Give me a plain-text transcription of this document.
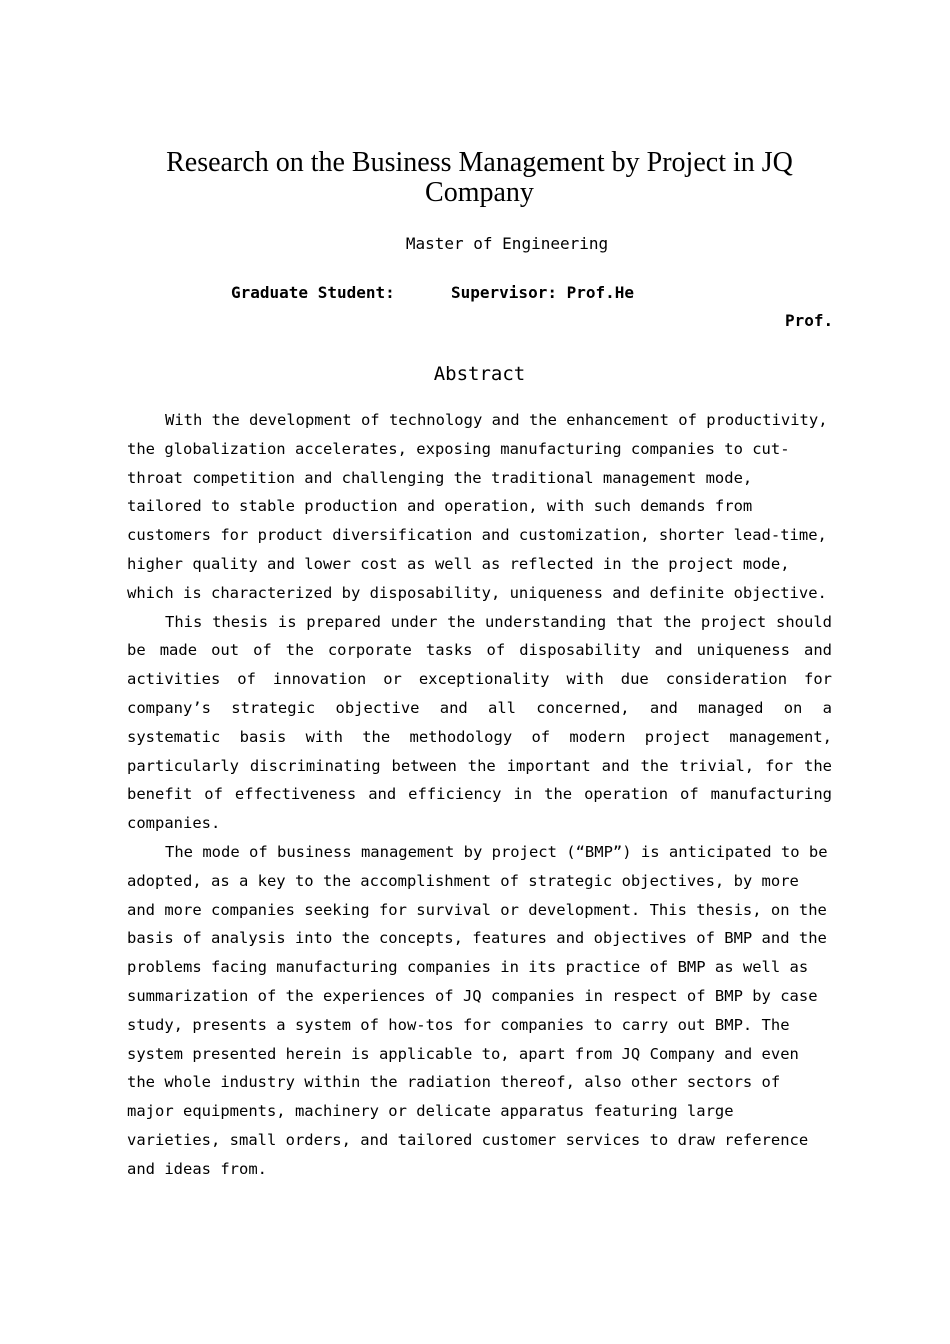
Research on the Business Management by Project in JQ Company
Master of Engineering
Graduate Student:	Supervisor: Prof.He
Prof.
Abstract

With the development of technology and the enhancement of productivity, the globalization accelerates, exposing manufacturing companies to cut-throat competition and challenging the traditional management mode, tailored to stable production and operation, with such demands from customers for product diversification and customization, shorter lead-time, higher quality and lower cost as well as reflected in the project mode, which is characterized by disposability, uniqueness and definite objective.

This thesis is prepared under the understanding that the project should be made out of the corporate tasks of disposability and uniqueness and activities of innovation or exceptionality with due consideration for company’s strategic objective and all concerned, and managed on a systematic basis with the methodology of modern project management, particularly discriminating between the important and the trivial, for the benefit of effectiveness and efficiency in the operation of manufacturing companies.

The mode of business management by project (“BMP”) is anticipated to be adopted, as a key to the accomplishment of strategic objectives, by more and more companies seeking for survival or development. This thesis, on the basis of analysis into the concepts, features and objectives of BMP and the problems facing manufacturing companies in its practice of BMP as well as summarization of the experiences of JQ companies in respect of BMP by case study, presents a system of how-tos for companies to carry out BMP. The system presented herein is applicable to, apart from JQ Company and even the whole industry within the radiation thereof, also other sectors of major equipments, machinery or delicate apparatus featuring large varieties, small orders, and tailored customer services to draw reference and ideas from.
